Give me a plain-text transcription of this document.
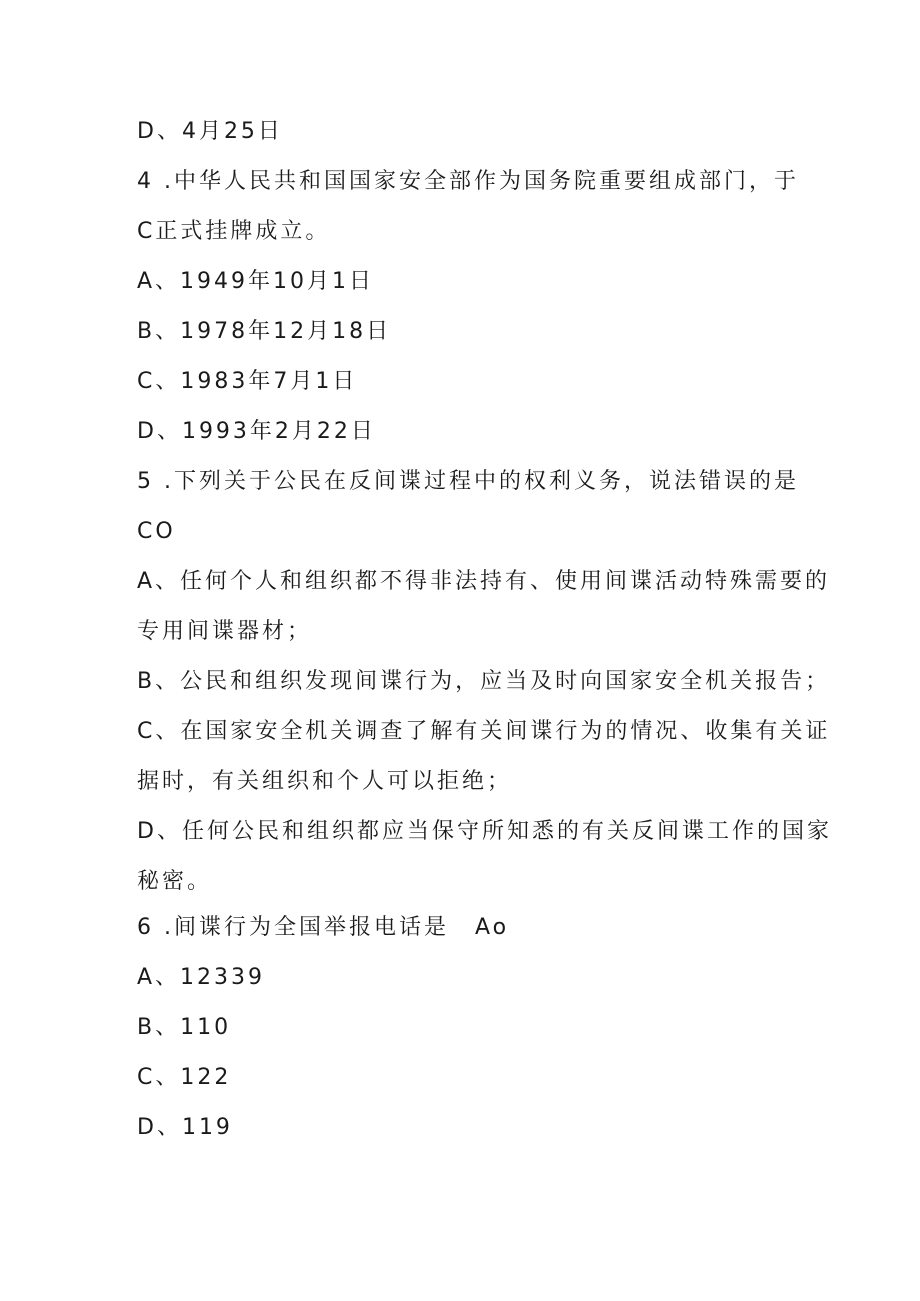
D、4月25日
4 .中华人民共和国国家安全部作为国务院重要组成部门，于
C正式挂牌成立。
A、1949年10月1日
B、1978年12月18日
C、1983年7月1日
D、1993年2月22日
5 .下列关于公民在反间谍过程中的权利义务，说法错误的是
CO
A、任何个人和组织都不得非法持有、使用间谍活动特殊需要的
专用间谍器材；
B、公民和组织发现间谍行为，应当及时向国家安全机关报告；
C、在国家安全机关调查了解有关间谍行为的情况、收集有关证
据时，有关组织和个人可以拒绝；
D、任何公民和组织都应当保守所知悉的有关反间谍工作的国家
秘密。
6 .间谍行为全国举报电话是 Ao
A、12339
B、110
C、122
D、119
